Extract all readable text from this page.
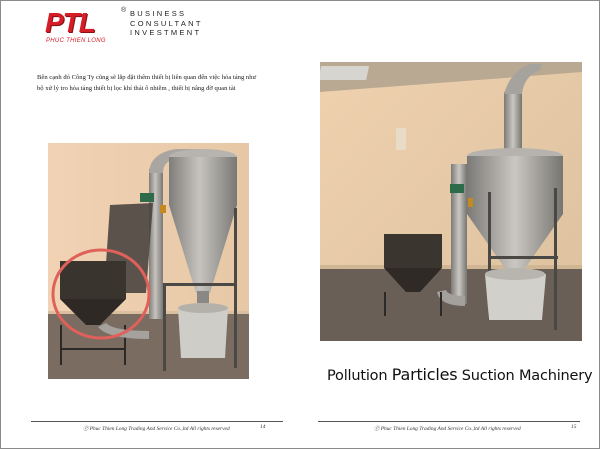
PTL	®
PHUC THIEN LONG
BUSINESS
CONSULTANT
INVESTMENT
Bên cạnh đó Công Ty cũng sẽ lắp đặt thêm thiết bị liên quan đến việc hỏa táng như bộ xử lý tro hỏa táng thiết bị lọc khí thải ô nhiễm , thiết bị nâng đỡ quan tài
Pollution Particles Suction Machinery
Ⓟ Phuc Thien Long Trading And Service Co.,ltd All rights reserved	14	Ⓟ Phuc Thien Long Trading And Service Co.,ltd All rights reserved	15
